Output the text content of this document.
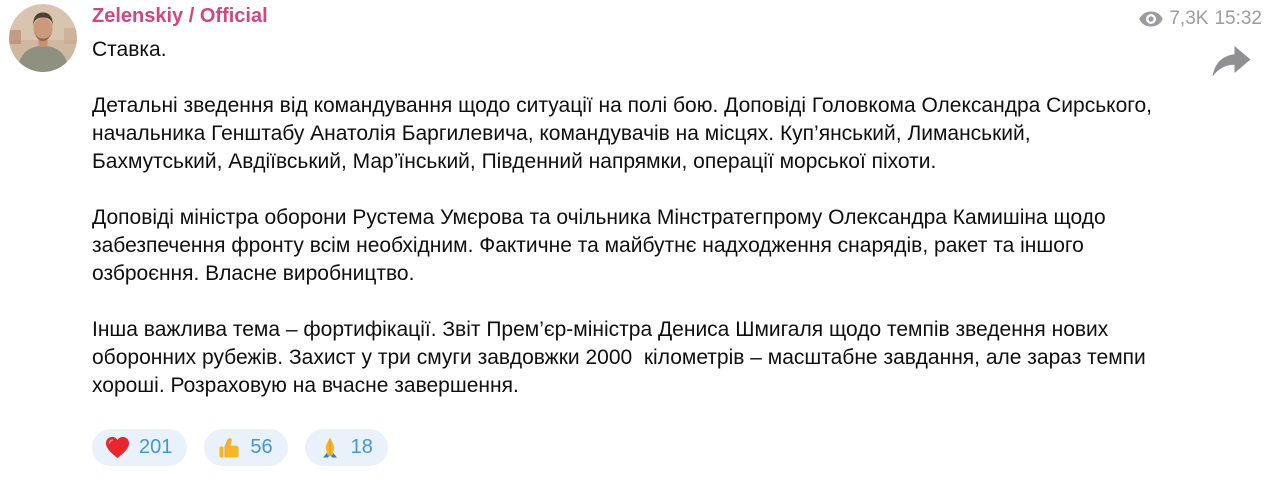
7,3K 15:32
Zelenskiy / Official

Ставка.

Детальні зведення від командування щодо ситуації на полі бою. Доповіді Головкома Олександра Сирського, начальника Генштабу Анатолія Баргилевича, командувачів на місцях. Куп’янський, Лиманський, Бахмутський, Авдіївський, Мар’їнський, Південний напрямки, операції морської піхоти.

Доповіді міністра оборони Рустема Умєрова та очільника Мінстратегпрому Олександра Камишіна щодо забезпечення фронту всім необхідним. Фактичне та майбутнє надходження снарядів, ракет та іншого озброєння. Власне виробництво.

Інша важлива тема – фортифікації. Звіт Прем’єр-міністра Дениса Шмигаля щодо темпів зведення нових оборонних рубежів. Захист у три смуги завдовжки 2000  кілометрів – масштабне завдання, але зараз темпи хороші. Розраховую на вчасне завершення.

201	56	18
